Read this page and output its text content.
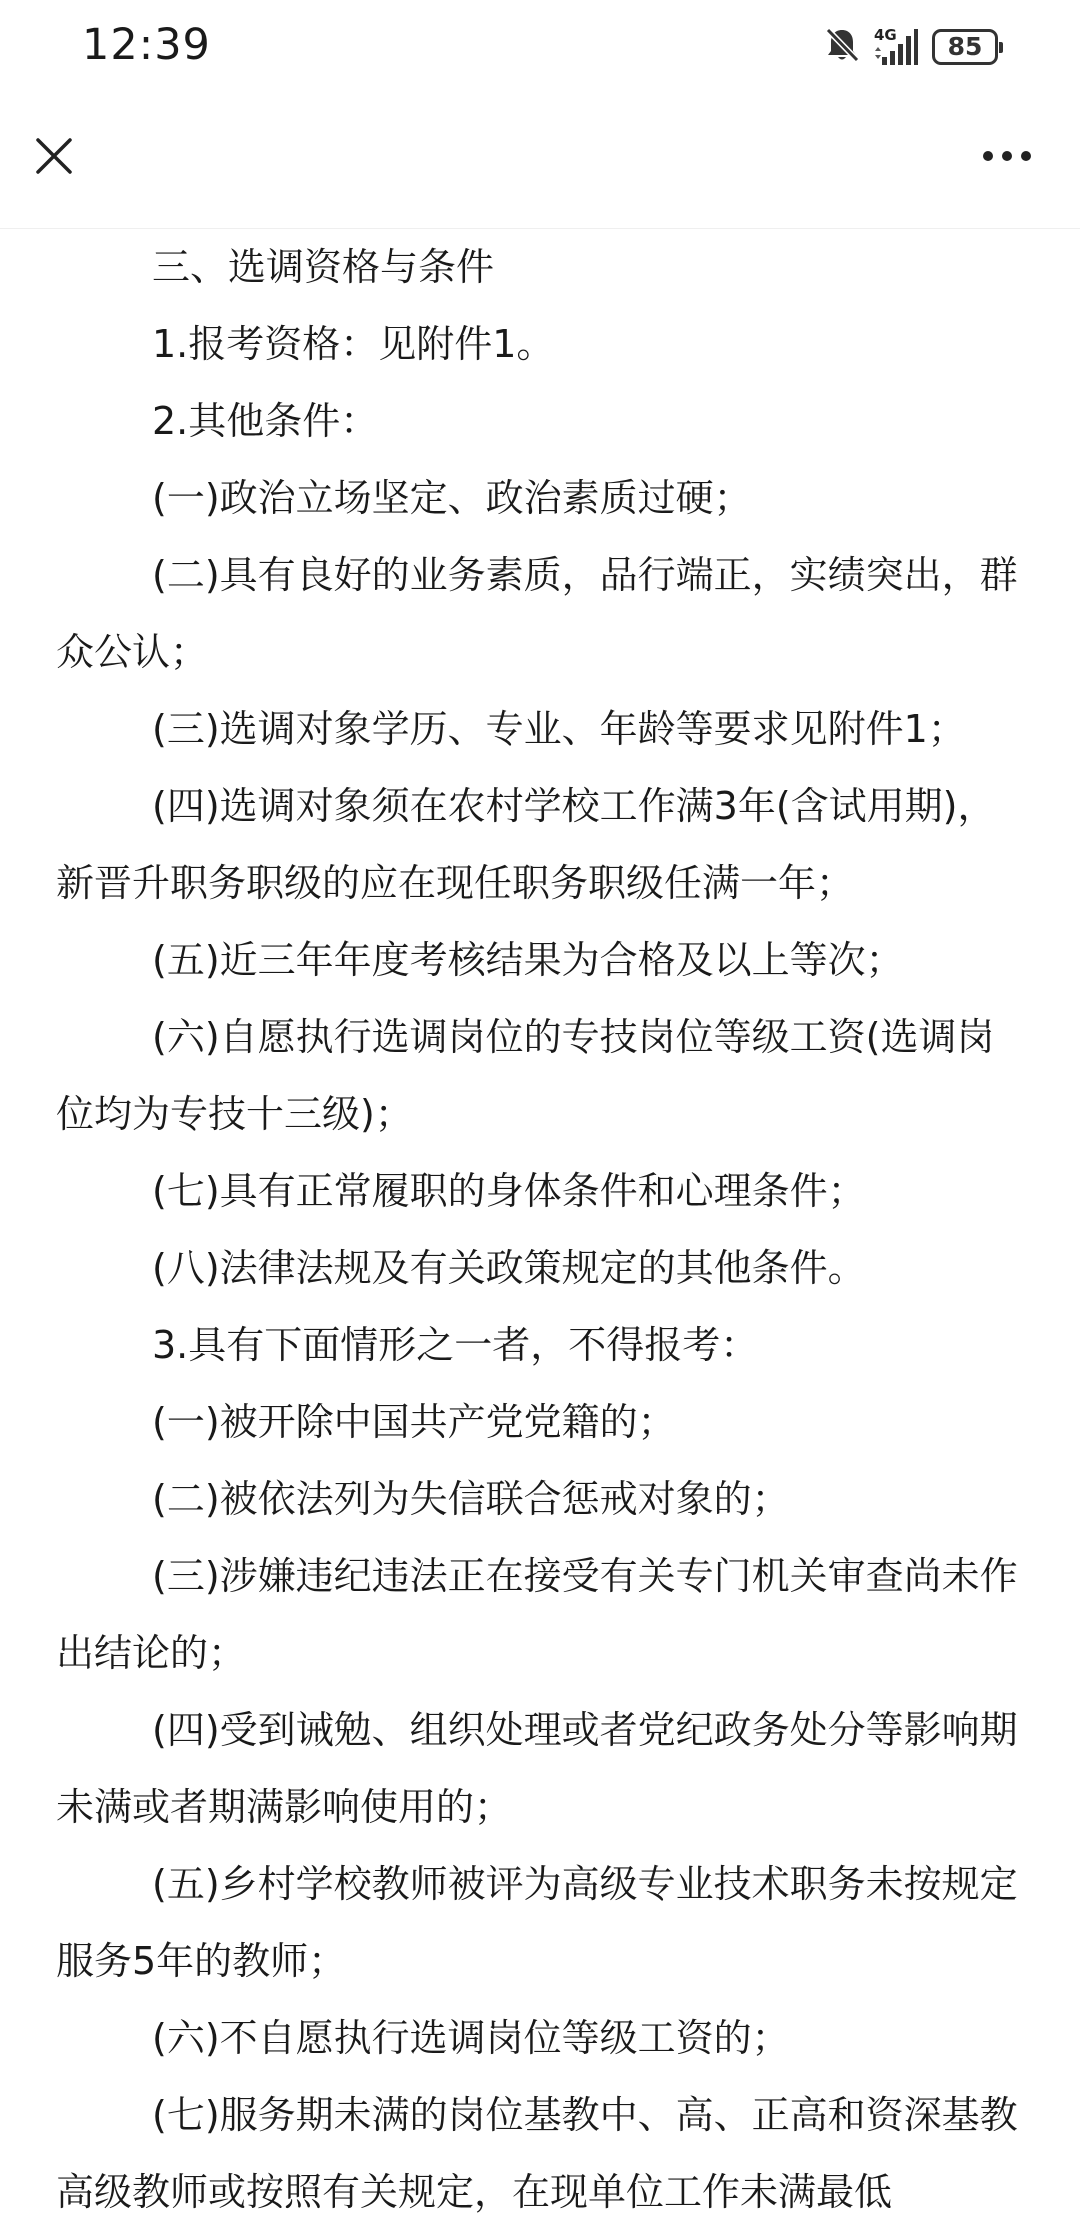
12:39	4G 85

三、选调资格与条件

1.报考资格：见附件1。

2.其他条件：

(一)政治立场坚定、政治素质过硬；

(二)具有良好的业务素质，品行端正，实绩突出，群众公认；

(三)选调对象学历、专业、年龄等要求见附件1；

(四)选调对象须在农村学校工作满3年(含试用期)，新晋升职务职级的应在现任职务职级任满一年；

(五)近三年年度考核结果为合格及以上等次；

(六)自愿执行选调岗位的专技岗位等级工资(选调岗位均为专技十三级)；

(七)具有正常履职的身体条件和心理条件；

(八)法律法规及有关政策规定的其他条件。

3.具有下面情形之一者，不得报考：

(一)被开除中国共产党党籍的；

(二)被依法列为失信联合惩戒对象的；

(三)涉嫌违纪违法正在接受有关专门机关审查尚未作出结论的；

(四)受到诫勉、组织处理或者党纪政务处分等影响期未满或者期满影响使用的；

(五)乡村学校教师被评为高级专业技术职务未按规定服务5年的教师；

(六)不自愿执行选调岗位等级工资的；

(七)服务期未满的岗位基教中、高、正高和资深基教高级教师或按照有关规定，在现单位工作未满最低
